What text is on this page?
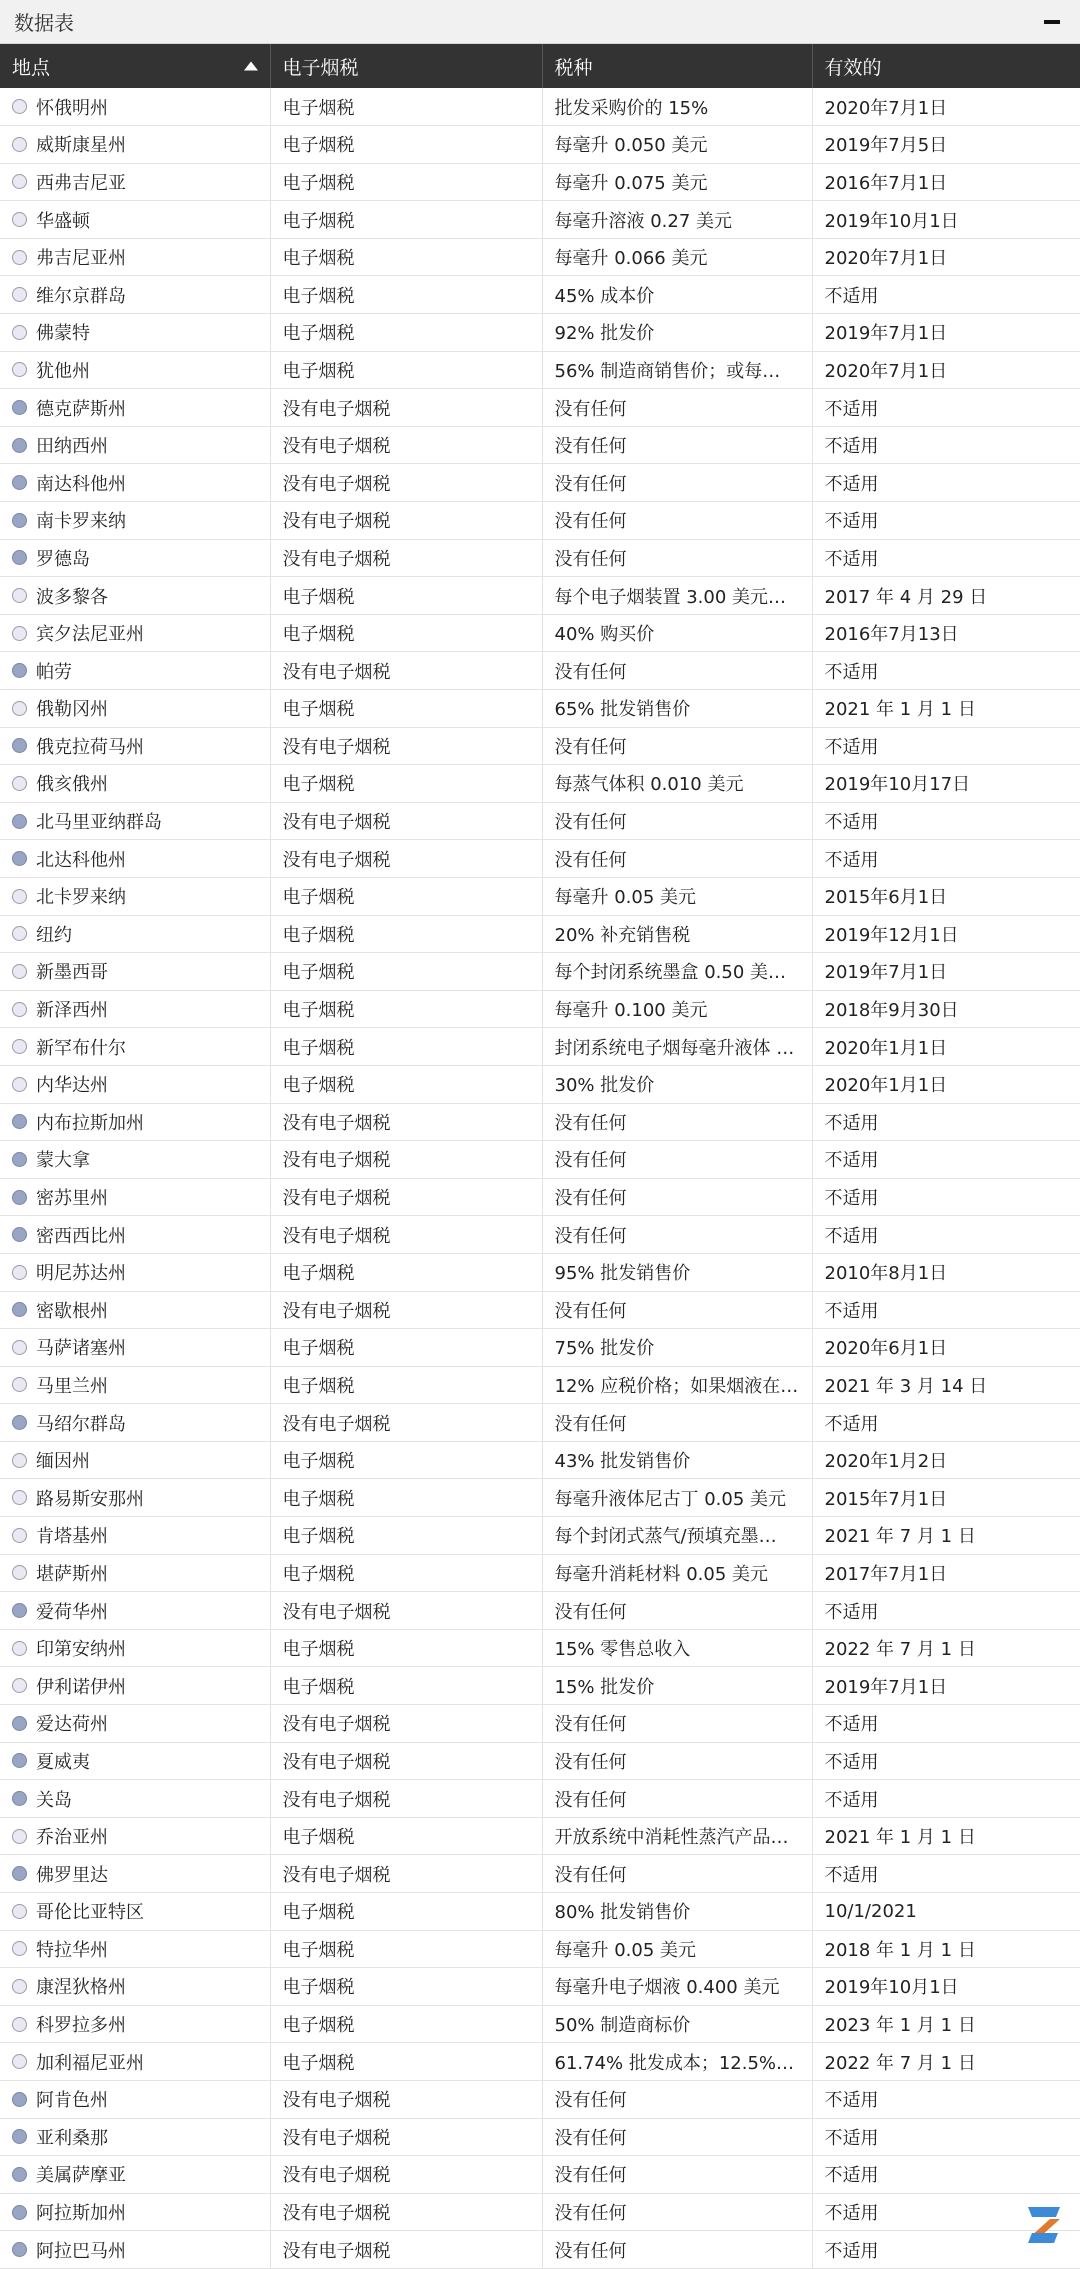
数据表
地点	电子烟税	税种	有效的

怀俄明州	电子烟税	批发采购价的 15%	2020年7月1日

威斯康星州	电子烟税	每毫升 0.050 美元	2019年7月5日

西弗吉尼亚	电子烟税	每毫升 0.075 美元	2016年7月1日

华盛顿	电子烟税	每毫升溶液 0.27 美元	2019年10月1日

弗吉尼亚州	电子烟税	每毫升 0.066 美元	2020年7月1日

维尔京群岛	电子烟税	45% 成本价	不适用

佛蒙特	电子烟税	92% 批发价	2019年7月1日

犹他州	电子烟税	56% 制造商销售价；或每…	2020年7月1日

德克萨斯州	没有电子烟税	没有任何	不适用

田纳西州	没有电子烟税	没有任何	不适用

南达科他州	没有电子烟税	没有任何	不适用

南卡罗来纳	没有电子烟税	没有任何	不适用

罗德岛	没有电子烟税	没有任何	不适用

波多黎各	电子烟税	每个电子烟装置 3.00 美元…	2017 年 4 月 29 日

宾夕法尼亚州	电子烟税	40% 购买价	2016年7月13日

帕劳	没有电子烟税	没有任何	不适用

俄勒冈州	电子烟税	65% 批发销售价	2021 年 1 月 1 日

俄克拉荷马州	没有电子烟税	没有任何	不适用

俄亥俄州	电子烟税	每蒸气体积 0.010 美元	2019年10月17日

北马里亚纳群岛	没有电子烟税	没有任何	不适用

北达科他州	没有电子烟税	没有任何	不适用

北卡罗来纳	电子烟税	每毫升 0.05 美元	2015年6月1日

纽约	电子烟税	20% 补充销售税	2019年12月1日

新墨西哥	电子烟税	每个封闭系统墨盒 0.50 美…	2019年7月1日

新泽西州	电子烟税	每毫升 0.100 美元	2018年9月30日

新罕布什尔	电子烟税	封闭系统电子烟每毫升液体 …	2020年1月1日

内华达州	电子烟税	30% 批发价	2020年1月1日

内布拉斯加州	没有电子烟税	没有任何	不适用

蒙大拿	没有电子烟税	没有任何	不适用

密苏里州	没有电子烟税	没有任何	不适用

密西西比州	没有电子烟税	没有任何	不适用

明尼苏达州	电子烟税	95% 批发销售价	2010年8月1日

密歇根州	没有电子烟税	没有任何	不适用

马萨诸塞州	电子烟税	75% 批发价	2020年6月1日

马里兰州	电子烟税	12% 应税价格；如果烟液在…	2021 年 3 月 14 日

马绍尔群岛	没有电子烟税	没有任何	不适用

缅因州	电子烟税	43% 批发销售价	2020年1月2日

路易斯安那州	电子烟税	每毫升液体尼古丁 0.05 美元	2015年7月1日

肯塔基州	电子烟税	每个封闭式蒸气/预填充墨…	2021 年 7 月 1 日

堪萨斯州	电子烟税	每毫升消耗材料 0.05 美元	2017年7月1日

爱荷华州	没有电子烟税	没有任何	不适用

印第安纳州	电子烟税	15% 零售总收入	2022 年 7 月 1 日

伊利诺伊州	电子烟税	15% 批发价	2019年7月1日

爱达荷州	没有电子烟税	没有任何	不适用

夏威夷	没有电子烟税	没有任何	不适用

关岛	没有电子烟税	没有任何	不适用

乔治亚州	电子烟税	开放系统中消耗性蒸汽产品…	2021 年 1 月 1 日

佛罗里达	没有电子烟税	没有任何	不适用

哥伦比亚特区	电子烟税	80% 批发销售价	10/1/2021

特拉华州	电子烟税	每毫升 0.05 美元	2018 年 1 月 1 日

康涅狄格州	电子烟税	每毫升电子烟液 0.400 美元	2019年10月1日

科罗拉多州	电子烟税	50% 制造商标价	2023 年 1 月 1 日

加利福尼亚州	电子烟税	61.74% 批发成本；12.5% …	2022 年 7 月 1 日

阿肯色州	没有电子烟税	没有任何	不适用

亚利桑那	没有电子烟税	没有任何	不适用

美属萨摩亚	没有电子烟税	没有任何	不适用

阿拉斯加州	没有电子烟税	没有任何	不适用

阿拉巴马州	没有电子烟税	没有任何	不适用
